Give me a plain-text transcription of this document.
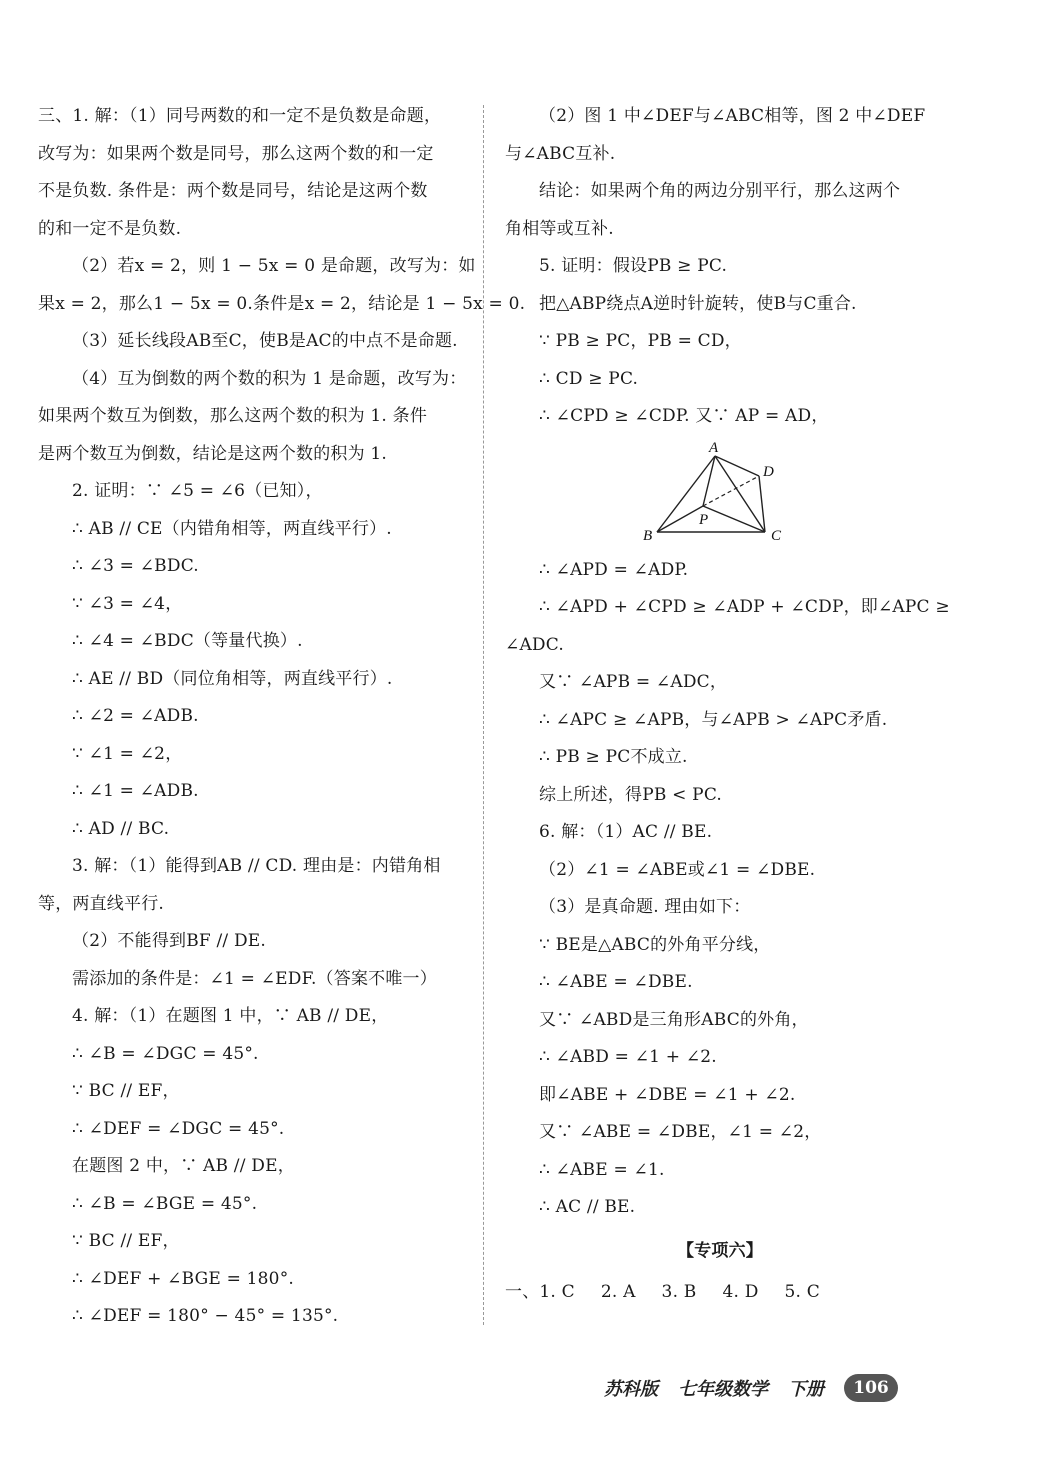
三、1. 解：（1）同号两数的和一定不是负数是命题，
改写为：如果两个数是同号，那么这两个数的和一定
不是负数. 条件是：两个数是同号，结论是这两个数
的和一定不是负数.
（2）若x = 2，则 1 − 5x = 0 是命题，改写为：如
果x = 2，那么1 − 5x = 0.条件是x = 2，结论是 1 − 5x = 0.
（3）延长线段AB至C，使B是AC的中点不是命题.
（4）互为倒数的两个数的积为 1 是命题，改写为：
如果两个数互为倒数，那么这两个数的积为 1. 条件
是两个数互为倒数，结论是这两个数的积为 1.
2. 证明：∵ ∠5 = ∠6（已知），
∴ AB // CE（内错角相等，两直线平行）.
∴ ∠3 = ∠BDC.
∵ ∠3 = ∠4，
∴ ∠4 = ∠BDC（等量代换）.
∴ AE // BD（同位角相等，两直线平行）.
∴ ∠2 = ∠ADB.
∵ ∠1 = ∠2，
∴ ∠1 = ∠ADB.
∴ AD // BC.
3. 解：（1）能得到AB // CD. 理由是：内错角相
等，两直线平行.
（2）不能得到BF // DE.
需添加的条件是：∠1 = ∠EDF.（答案不唯一）
4. 解：（1）在题图 1 中，∵ AB // DE，
∴ ∠B = ∠DGC = 45°.
∵ BC // EF，
∴ ∠DEF = ∠DGC = 45°.
在题图 2 中，∵ AB // DE，
∴ ∠B = ∠BGE = 45°.
∵ BC // EF，
∴ ∠DEF + ∠BGE = 180°.
∴ ∠DEF = 180° − 45° = 135°.
（2）图 1 中∠DEF与∠ABC相等，图 2 中∠DEF
与∠ABC互补.
结论：如果两个角的两边分别平行，那么这两个
角相等或互补.
5. 证明：假设PB ≥ PC.
把△ABP绕点A逆时针旋转，使B与C重合.
∵ PB ≥ PC，PB = CD，
∴ CD ≥ PC.
∴ ∠CPD ≥ ∠CDP. 又∵ AP = AD，
A
B	C
D
P
∴ ∠APD = ∠ADP.
∴ ∠APD + ∠CPD ≥ ∠ADP + ∠CDP，即∠APC ≥
∠ADC.
又∵ ∠APB = ∠ADC，
∴ ∠APC ≥ ∠APB，与∠APB > ∠APC矛盾.
∴ PB ≥ PC不成立.
综上所述，得PB < PC.
6. 解：（1）AC // BE.
（2）∠1 = ∠ABE或∠1 = ∠DBE.
（3）是真命题. 理由如下：
∵ BE是△ABC的外角平分线，
∴ ∠ABE = ∠DBE.
又∵ ∠ABD是三角形ABC的外角，
∴ ∠ABD = ∠1 + ∠2.
即∠ABE + ∠DBE = ∠1 + ∠2.
又∵ ∠ABE = ∠DBE，∠1 = ∠2，
∴ ∠ABE = ∠1.
∴ AC // BE.
【专项六】
一、1. C 2. A 3. B 4. D 5. C
苏科版 七年级数学 下册	106
